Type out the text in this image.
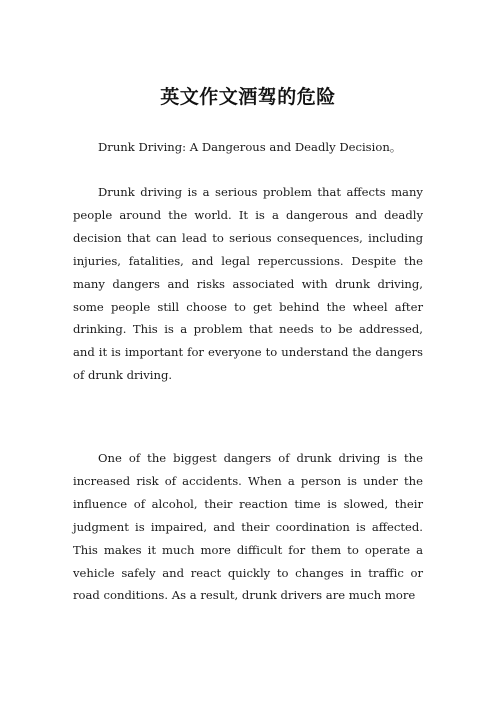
英文作文酒驾的危险

Drunk Driving: A Dangerous and Deadly Decision。

Drunk driving is a serious problem that affects many people around the world. It is a dangerous and deadly decision that can lead to serious consequences, including injuries, fatalities, and legal repercussions. Despite the many dangers and risks associated with drunk driving, some people still choose to get behind the wheel after drinking. This is a problem that needs to be addressed, and it is important for everyone to understand the dangers of drunk driving.

One of the biggest dangers of drunk driving is the increased risk of accidents. When a person is under the influence of alcohol, their reaction time is slowed, their judgment is impaired, and their coordination is affected. This makes it much more difficult for them to operate a vehicle safely and react quickly to changes in traffic or road conditions. As a result, drunk drivers are much more
